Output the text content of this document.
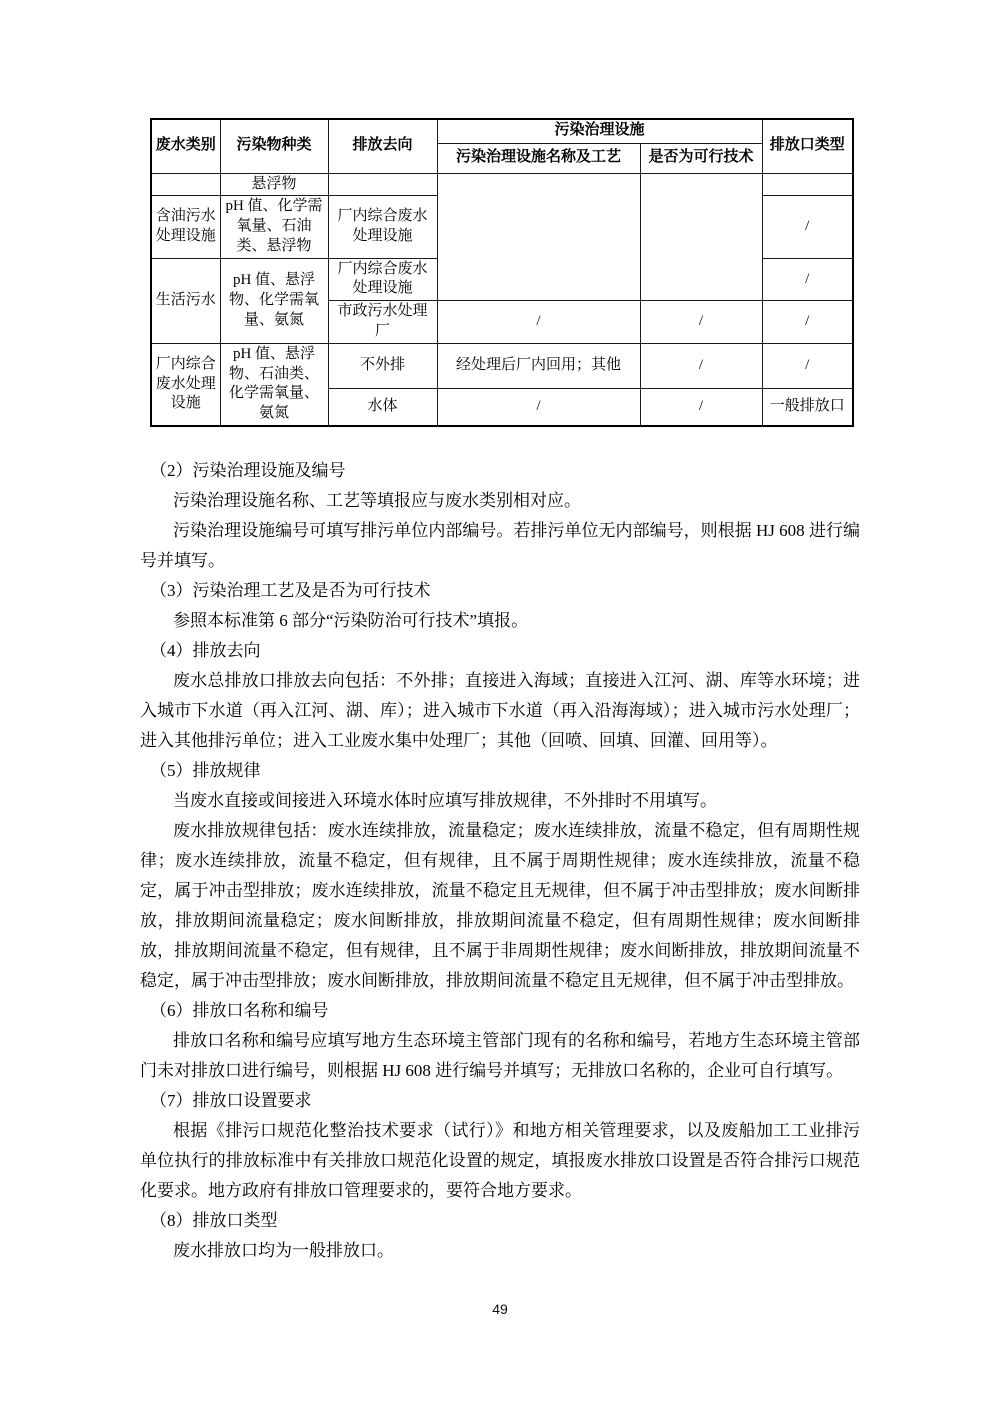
废水类别	污染物种类	排放去向	污染治理设施		排放口类型
			污染治理设施名称及工艺	是否为可行技术	
	悬浮物				
含油污水处理设施	pH 值、化学需氧量、石油类、悬浮物	厂内综合废水处理设施			/
生活污水	pH 值、悬浮物、化学需氧量、氨氮	厂内综合废水处理设施			/
		市政污水处理厂	/	/	/
厂内综合废水处理设施	pH 值、悬浮物、石油类、化学需氧量、氨氮	不外排	经处理后厂内回用；其他	/	/
		水体	/	/	一般排放口
（2）污染治理设施及编号
污染治理设施名称、工艺等填报应与废水类别相对应。
污染治理设施编号可填写排污单位内部编号。若排污单位无内部编号，则根据 HJ 608 进行编号并填写。
（3）污染治理工艺及是否为可行技术
参照本标准第 6 部分“污染防治可行技术”填报。
（4）排放去向
废水总排放口排放去向包括：不外排；直接进入海域；直接进入江河、湖、库等水环境；进入城市下水道（再入江河、湖、库）；进入城市下水道（再入沿海海域）；进入城市污水处理厂；进入其他排污单位；进入工业废水集中处理厂；其他（回喷、回填、回灌、回用等）。
（5）排放规律
当废水直接或间接进入环境水体时应填写排放规律，不外排时不用填写。
废水排放规律包括：废水连续排放，流量稳定；废水连续排放，流量不稳定，但有周期性规律；废水连续排放，流量不稳定，但有规律，且不属于周期性规律；废水连续排放，流量不稳定，属于冲击型排放；废水连续排放，流量不稳定且无规律，但不属于冲击型排放；废水间断排放，排放期间流量稳定；废水间断排放，排放期间流量不稳定，但有周期性规律；废水间断排放，排放期间流量不稳定，但有规律，且不属于非周期性规律；废水间断排放，排放期间流量不稳定，属于冲击型排放；废水间断排放，排放期间流量不稳定且无规律，但不属于冲击型排放。
（6）排放口名称和编号
排放口名称和编号应填写地方生态环境主管部门现有的名称和编号，若地方生态环境主管部门未对排放口进行编号，则根据 HJ 608 进行编号并填写；无排放口名称的，企业可自行填写。
（7）排放口设置要求
根据《排污口规范化整治技术要求（试行）》和地方相关管理要求，以及废船加工工业排污单位执行的排放标准中有关排放口规范化设置的规定，填报废水排放口设置是否符合排污口规范化要求。地方政府有排放口管理要求的，要符合地方要求。
（8）排放口类型
废水排放口均为一般排放口。
49
